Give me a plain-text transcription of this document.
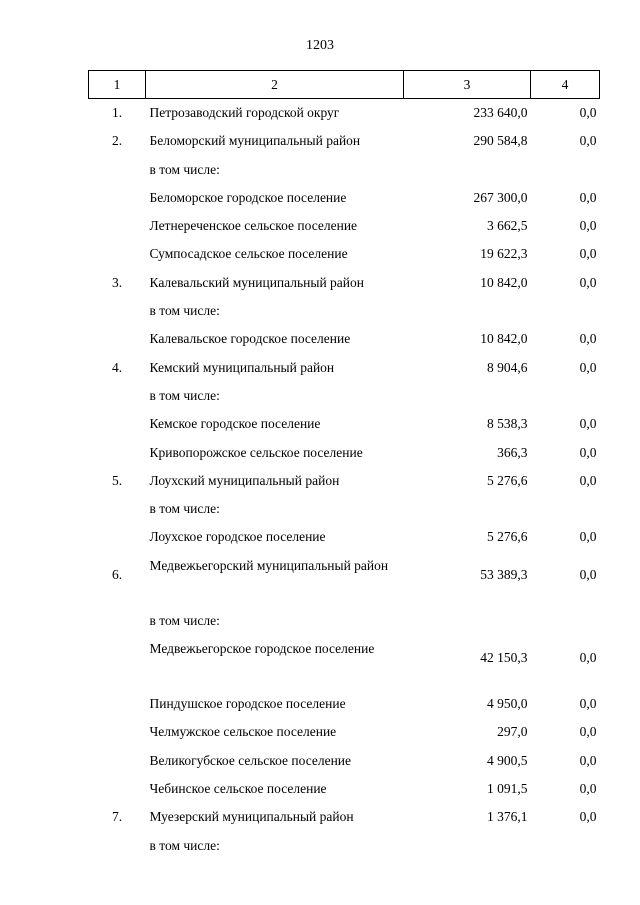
1203
1	2	3	4
1.	Петрозаводский городской округ	233 640,0	0,0
2.	Беломорский муниципальный район	290 584,8	0,0
	в том числе:		
	Беломорское городское поселение	267 300,0	0,0
	Летнереченское сельское поселение	3 662,5	0,0
	Сумпосадское сельское поселение	19 622,3	0,0
3.	Калевальский муниципальный район	10 842,0	0,0
	в том числе:		
	Калевальское городское поселение	10 842,0	0,0
4.	Кемский муниципальный район	8 904,6	0,0
	в том числе:		
	Кемское городское поселение	8 538,3	0,0
	Кривопорожское сельское поселение	366,3	0,0
5.	Лоухский муниципальный район	5 276,6	0,0
	в том числе:		
	Лоухское городское поселение	5 276,6	0,0
6.	Медвежьегорский муниципальный район	53 389,3	0,0
	в том числе:		
	Медвежьегорское городское поселение	42 150,3	0,0
	Пиндушское городское поселение	4 950,0	0,0
	Челмужское сельское поселение	297,0	0,0
	Великогубское сельское поселение	4 900,5	0,0
	Чебинское сельское поселение	1 091,5	0,0
7.	Муезерский муниципальный район	1 376,1	0,0
	в том числе:		
